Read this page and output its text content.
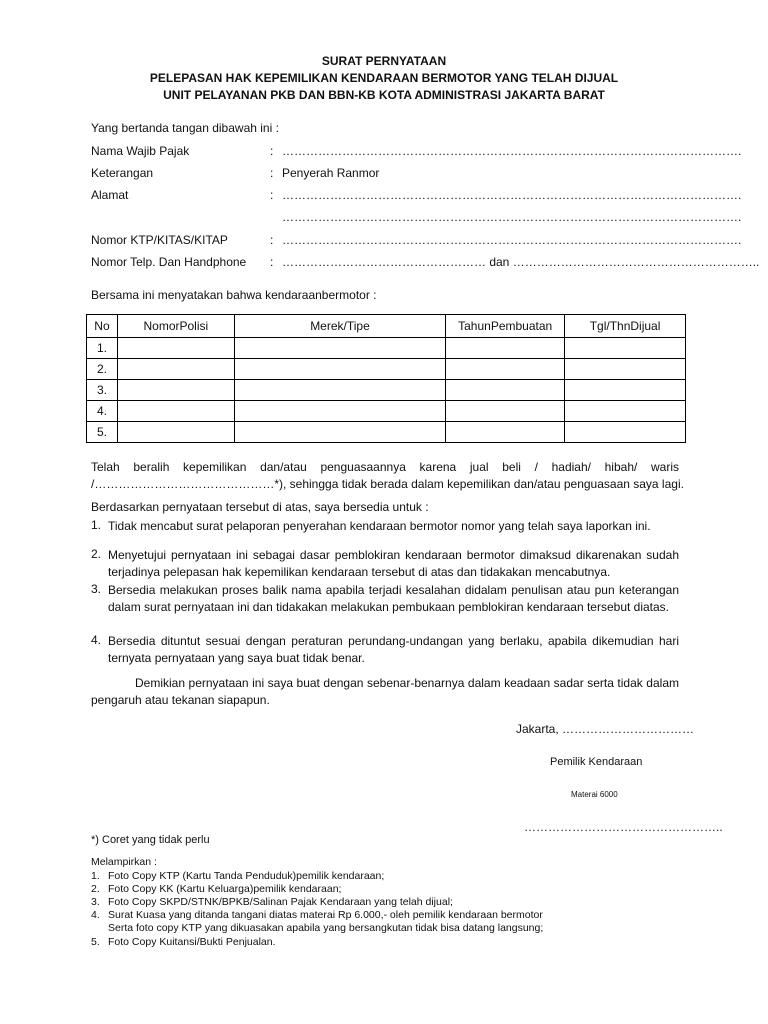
SURAT PERNYATAAN
PELEPASAN HAK KEPEMILIKAN KENDARAAN BERMOTOR YANG TELAH DIJUAL
UNIT PELAYANAN PKB DAN BBN-KB KOTA ADMINISTRASI JAKARTA BARAT
Yang bertanda tangan dibawah ini :
Nama Wajib Pajak	: …………………………………………………………………………………………………….
Keterangan	: Penyerah Ranmor
Alamat	: …………………………………………………………………………………………………….
…………………………………………………………………………………………………….
Nomor KTP/KITAS/KITAP	: …………………………………………………………………………………………………….
Nomor Telp. Dan Handphone : …………………………………………… dan ……………………………………………………..
Bersama ini menyatakan bahwa kendaraanbermotor :
No	NomorPolisi	Merek/Tipe	TahunPembuatan	Tgl/ThnDijual
1.				
2.				
3.				
4.				
5.				
Telah beralih kepemilikan dan/atau penguasaannya karena jual beli / hadiah/ hibah/ waris
/………………………………………*), sehingga tidak berada dalam kepemilikan dan/atau penguasaan saya lagi.
Berdasarkan pernyataan tersebut di atas, saya bersedia untuk :
1. Tidak mencabut surat pelaporan penyerahan kendaraan bermotor nomor yang telah saya laporkan ini.
2. Menyetujui pernyataan ini sebagai dasar pemblokiran kendaraan bermotor dimaksud dikarenakan sudah terjadinya pelepasan hak kepemilikan kendaraan tersebut di atas dan tidakakan mencabutnya.
3. Bersedia melakukan proses balik nama apabila terjadi kesalahan didalam penulisan atau pun keterangan dalam surat pernyataan ini dan tidakakan melakukan pembukaan pemblokiran kendaraan tersebut diatas.
4. Bersedia dituntut sesuai dengan peraturan perundang-undangan yang berlaku, apabila dikemudian hari ternyata pernyataan yang saya buat tidak benar.
Demikian pernyataan ini saya buat dengan sebenar-benarnya dalam keadaan sadar serta tidak dalam pengaruh atau tekanan siapapun.
Jakarta, ……………………………
Pemilik Kendaraan
Materai 6000
…………………………………………..
*) Coret yang tidak perlu
Melampirkan :
1. Foto Copy KTP (Kartu Tanda Penduduk)pemilik kendaraan;
2. Foto Copy KK (Kartu Keluarga)pemilik kendaraan;
3. Foto Copy SKPD/STNK/BPKB/Salinan Pajak Kendaraan yang telah dijual;
4. Surat Kuasa yang ditanda tangani diatas materai Rp 6.000,- oleh pemilik kendaraan bermotor
Serta foto copy KTP yang dikuasakan apabila yang bersangkutan tidak bisa datang langsung;
5. Foto Copy Kuitansi/Bukti Penjualan.
